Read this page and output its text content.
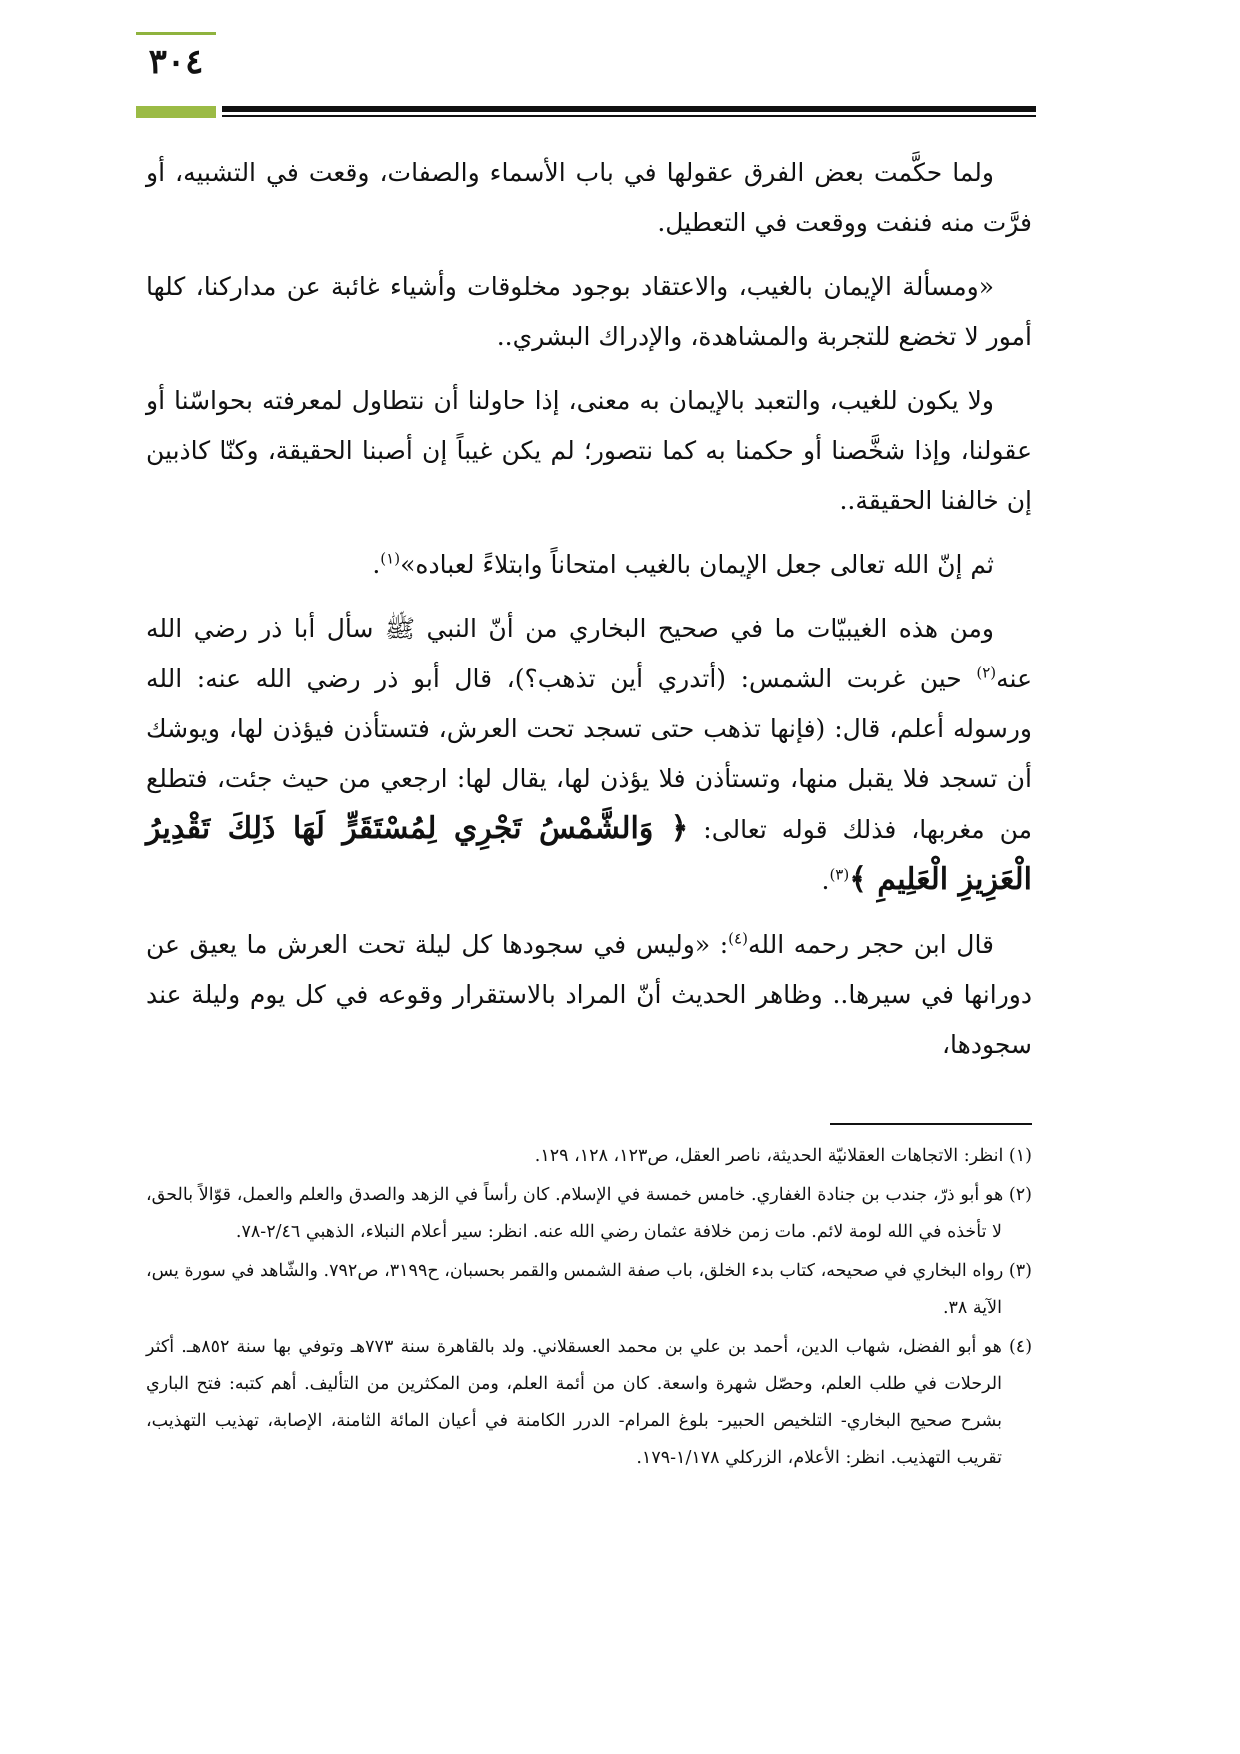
٣٠٤

ولما حكَّمت بعض الفرق عقولها في باب الأسماء والصفات، وقعت في التشبيه، أو فرَّت منه فنفت ووقعت في التعطيل.

«ومسألة الإيمان بالغيب، والاعتقاد بوجود مخلوقات وأشياء غائبة عن مداركنا، كلها أمور لا تخضع للتجربة والمشاهدة، والإدراك البشري..

ولا يكون للغيب، والتعبد بالإيمان به معنى، إذا حاولنا أن نتطاول لمعرفته بحواسّنا أو عقولنا، وإذا شخَّصنا أو حكمنا به كما نتصور؛ لم يكن غيباً إن أصبنا الحقيقة، وكنّا كاذبين إن خالفنا الحقيقة..

ثم إنّ الله تعالى جعل الإيمان بالغيب امتحاناً وابتلاءً لعباده»$^{(١)}$.

ومن هذه الغيبيّات ما في صحيح البخاري من أنّ النبي ﷺ سأل أبا ذر رضي الله عنه$^{(٢)}$ حين غربت الشمس: (أتدري أين تذهب؟)، قال أبو ذر رضي الله عنه: الله ورسوله أعلم، قال: (فإنها تذهب حتى تسجد تحت العرش، فتستأذن فيؤذن لها، ويوشك أن تسجد فلا يقبل منها، وتستأذن فلا يؤذن لها، يقال لها: ارجعي من حيث جئت، فتطلع من مغربها، فذلك قوله تعالى: ﴿ وَالشَّمْسُ تَجْرِي لِمُسْتَقَرٍّ لَهَا ذَلِكَ تَقْدِيرُ الْعَزِيزِ الْعَلِيمِ ﴾$^{(٣)}$.

قال ابن حجر رحمه الله$^{(٤)}$: «وليس في سجودها كل ليلة تحت العرش ما يعيق عن دورانها في سيرها.. وظاهر الحديث أنّ المراد بالاستقرار وقوعه في كل يوم وليلة عند سجودها،

(١) انظر: الاتجاهات العقلانيّة الحديثة، ناصر العقل، ص١٢٣، ١٢٨، ١٢٩.

(٢) هو أبو ذرّ، جندب بن جنادة الغفاري. خامس خمسة في الإسلام. كان رأساً في الزهد والصدق والعلم والعمل، قوّالاً بالحق، لا تأخذه في الله لومة لائم. مات زمن خلافة عثمان رضي الله عنه. انظر: سير أعلام النبلاء، الذهبي ٢/٤٦-٧٨.

(٣) رواه البخاري في صحيحه، كتاب بدء الخلق، باب صفة الشمس والقمر بحسبان، ح٣١٩٩، ص٧٩٢. والشّاهد في سورة يس، الآية ٣٨.

(٤) هو أبو الفضل، شهاب الدين، أحمد بن علي بن محمد العسقلاني. ولد بالقاهرة سنة ٧٧٣هـ وتوفي بها سنة ٨٥٢هـ. أكثر الرحلات في طلب العلم، وحصّل شهرة واسعة. كان من أئمة العلم، ومن المكثرين من التأليف. أهم كتبه: فتح الباري بشرح صحيح البخاري- التلخيص الحبير- بلوغ المرام- الدرر الكامنة في أعيان المائة الثامنة، الإصابة، تهذيب التهذيب، تقريب التهذيب. انظر: الأعلام، الزركلي ١/١٧٨-١٧٩.
